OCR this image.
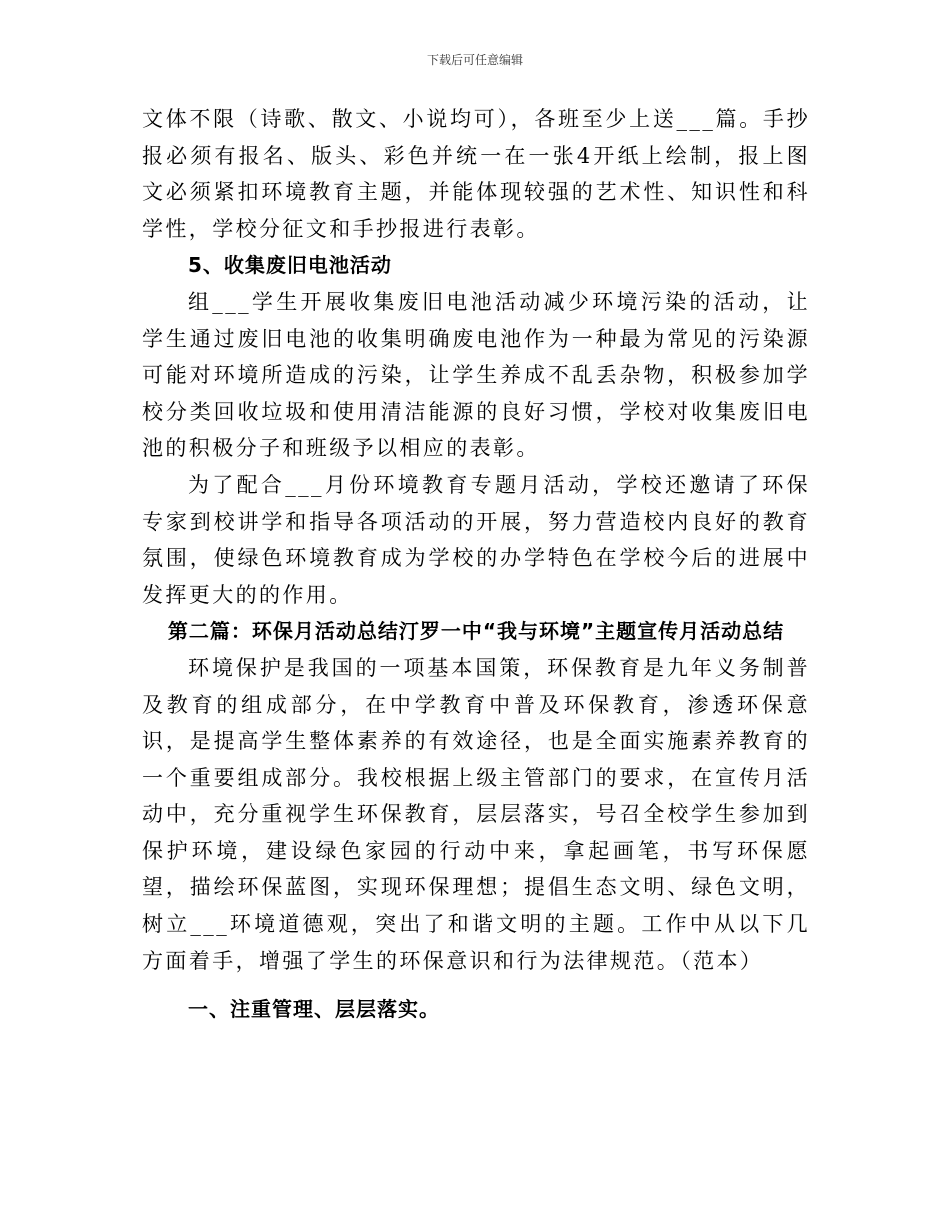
下载后可任意编辑

文体不限（诗歌、散文、小说均可），各班至少上送___篇。手抄报必须有报名、版头、彩色并统一在一张4开纸上绘制，报上图文必须紧扣环境教育主题，并能体现较强的艺术性、知识性和科学性，学校分征文和手抄报进行表彰。

5、收集废旧电池活动

组___学生开展收集废旧电池活动减少环境污染的活动，让学生通过废旧电池的收集明确废电池作为一种最为常见的污染源可能对环境所造成的污染，让学生养成不乱丢杂物，积极参加学校分类回收垃圾和使用清洁能源的良好习惯，学校对收集废旧电池的积极分子和班级予以相应的表彰。

为了配合___月份环境教育专题月活动，学校还邀请了环保专家到校讲学和指导各项活动的开展，努力营造校内良好的教育氛围，使绿色环境教育成为学校的办学特色在学校今后的进展中发挥更大的的作用。

第二篇：环保月活动总结汀罗一中“我与环境”主题宣传月活动总结

环境保护是我国的一项基本国策，环保教育是九年义务制普及教育的组成部分，在中学教育中普及环保教育，渗透环保意识，是提高学生整体素养的有效途径，也是全面实施素养教育的一个重要组成部分。我校根据上级主管部门的要求，在宣传月活动中，充分重视学生环保教育，层层落实，号召全校学生参加到保护环境，建设绿色家园的行动中来，拿起画笔，书写环保愿望，描绘环保蓝图，实现环保理想；提倡生态文明、绿色文明，树立___环境道德观，突出了和谐文明的主题。工作中从以下几方面着手，增强了学生的环保意识和行为法律规范。（范本）

一、注重管理、层层落实。
